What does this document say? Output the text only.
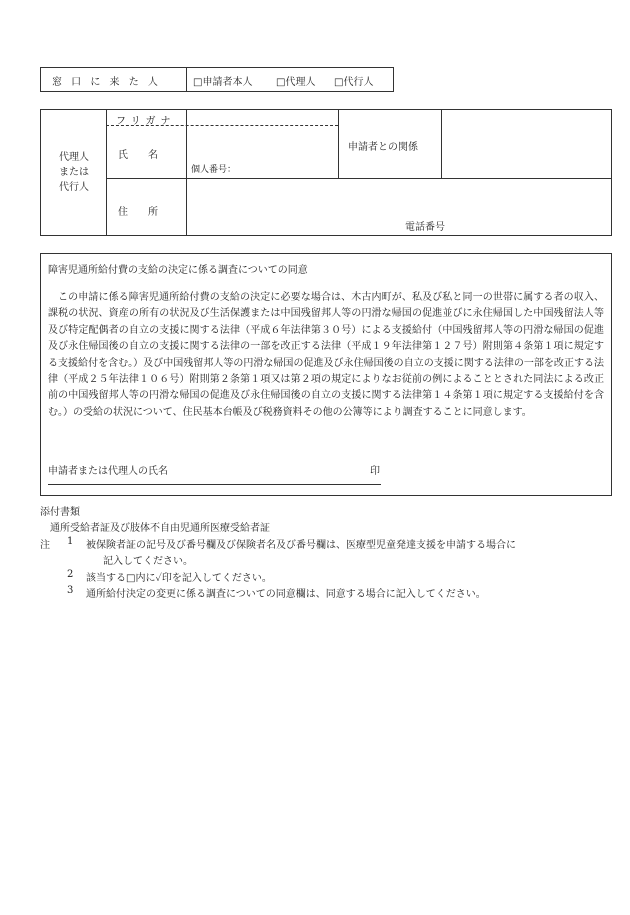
窓 口 に 来 た 人	□申請者本人 □代理人 □代行人
代理人
または
代行人
フリガナ
氏　　名
個人番号：
申請者との関係
住　　所
電話番号
障害児通所給付費の支給の決定に係る調査についての同意
この申請に係る障害児通所給付費の支給の決定に必要な場合は、木古内町が、私及び私と同一の世帯に属する者の収入、課税の状況、資産の所有の状況及び生活保護または中国残留邦人等の円滑な帰国の促進並びに永住帰国した中国残留法人等及び特定配偶者の自立の支援に関する法律（平成６年法律第３０号）による支援給付（中国残留邦人等の円滑な帰国の促進及び永住帰国後の自立の支援に関する法律の一部を改正する法律（平成１９年法律第１２７号）附則第４条第１項に規定する支援給付を含む。）及び中国残留邦人等の円滑な帰国の促進及び永住帰国後の自立の支援に関する法律の一部を改正する法律（平成２５年法律１０６号）附則第２条第１項又は第２項の規定によりなお従前の例によることとされた同法による改正前の中国残留邦人等の円滑な帰国の促進及び永住帰国後の自立の支援に関する法律第１４条第１項に規定する支援給付を含む。）の受給の状況について、住民基本台帳及び税務資料その他の公簿等により調査することに同意します。
申請者または代理人の氏名	印
添付書類
通所受給者証及び肢体不自由児通所医療受給者証
注 1 被保険者証の記号及び番号欄及び保険者名及び番号欄は、医療型児童発達支援を申請する場合に
記入してください。
2 該当する□内に✓印を記入してください。
3 通所給付決定の変更に係る調査についての同意欄は、同意する場合に記入してください。
